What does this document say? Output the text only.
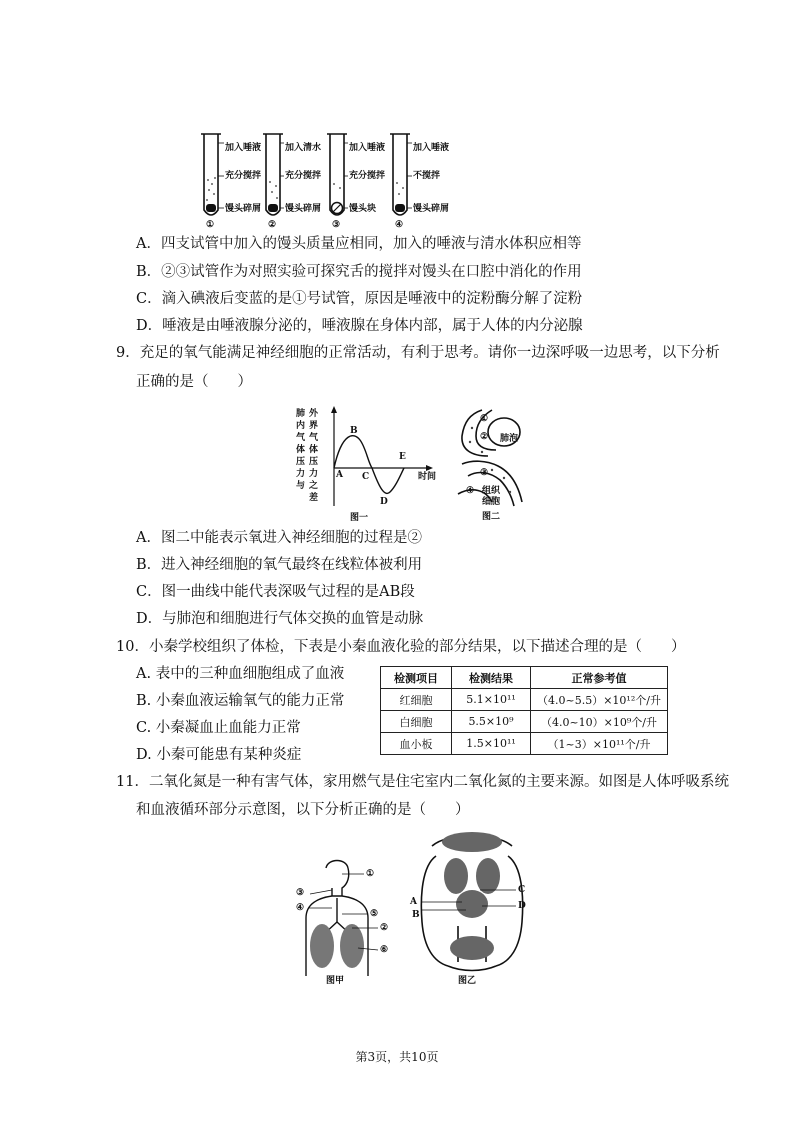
加入唾液
充分搅拌
馒头碎屑
①
加入清水
充分搅拌
馒头碎屑
②
加入唾液
充分搅拌
馒头块
③
加入唾液
不搅拌
馒头碎屑
④
A．四支试管中加入的馒头质量应相同，加入的唾液与清水体积应相等
B．②③试管作为对照实验可探究舌的搅拌对馒头在口腔中消化的作用
C．滴入碘液后变蓝的是①号试管，原因是唾液中的淀粉酶分解了淀粉
D．唾液是由唾液腺分泌的，唾液腺在身体内部，属于人体的内分泌腺
9．充足的氧气能满足神经细胞的正常活动，有利于思考。请你一边深呼吸一边思考，以下分析
正确的是（　　）
肺内气体压力与
外界气体压力之差
时间
A
B
C
D
E
图一
①
② 肺泡
③
④ 组织细胞
图二
A．图二中能表示氧进入神经细胞的过程是②
B．进入神经细胞的氧气最终在线粒体被利用
C．图一曲线中能代表深吸气过程的是AB段
D．与肺泡和细胞进行气体交换的血管是动脉
10．小秦学校组织了体检，下表是小秦血液化验的部分结果，以下描述合理的是（　　）
A. 表中的三种血细胞组成了血液
B. 小秦血液运输氧气的能力正常
C. 小秦凝血止血能力正常
D. 小秦可能患有某种炎症
检测项目	检测结果	正常参考值
红细胞	5.1×10¹¹	（4.0~5.5）×10¹²个/升
白细胞	5.5×10⁹	（4.0~10）×10⁹个/升
血小板	1.5×10¹¹	（1~3）×10¹¹个/升
11．二氧化氮是一种有害气体，家用燃气是住宅室内二氧化氮的主要来源。如图是人体呼吸系统
和血液循环部分示意图，以下分析正确的是（　　）
①
③
④
⑤
②
⑥
图甲
A
B
C
D
图乙
第3页，共10页
